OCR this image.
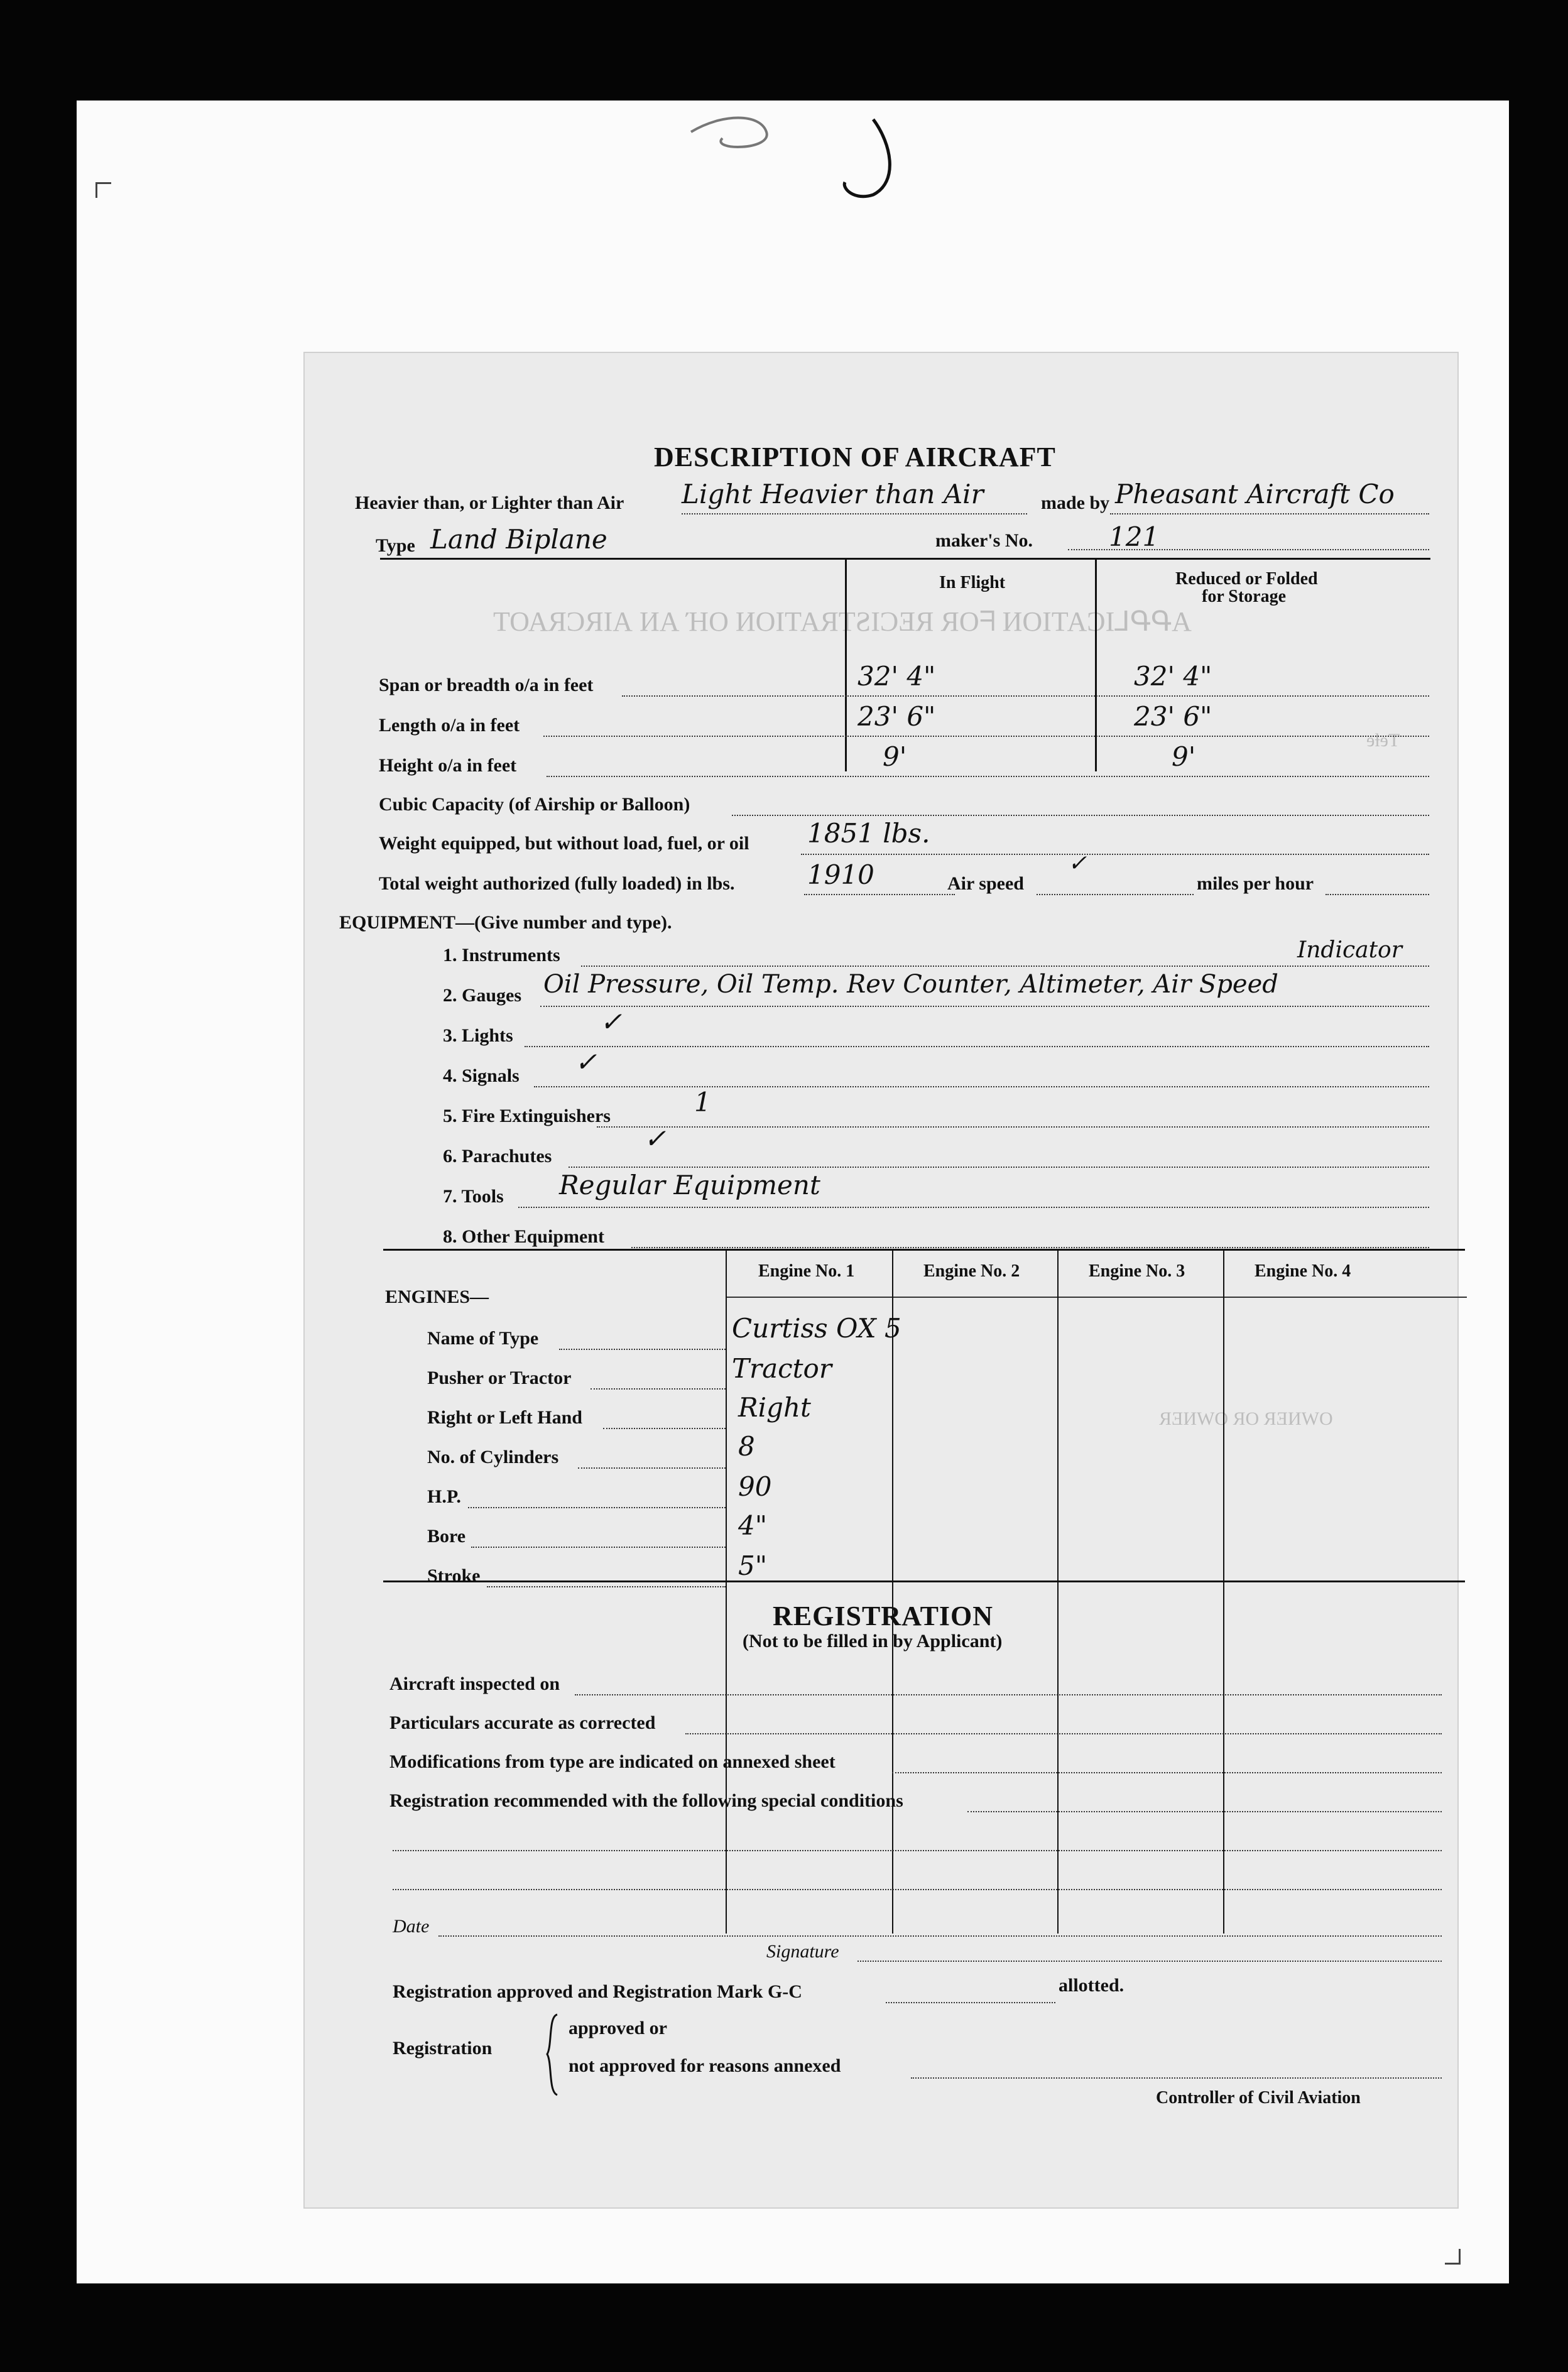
ΤΟΑЯϽЯΙА ИА ΉО ИОΙТАЯТƧΙϽƎЯ ЯОᖷ ИОΙТАϽΙ⅃ԳԳА
ɘƚɘT
ЯƎИWO ЯO ЯƎИWO
DESCRIPTION OF AIRCRAFT
Heavier than, or Lighter than Air Light Heavier than Air	made by Pheasant Aircraft Co
Type Land Biplane	maker's No.	121
In Flight	Reduced or Folded
for Storage
Span or breadth o/a in feet	32' 4"	32' 4"
Length o/a in feet	23' 6"	23' 6"
Height o/a in feet	9'	9'
Cubic Capacity (of Airship or Balloon)
Weight equipped, but without load, fuel, or oil 1851 lbs.
Total weight authorized (fully loaded) in lbs.	1910	Air speed
✓
miles per hour
EQUIPMENT—(Give number and type).
1. Instruments	Indicator
2. Gauges Oil Pressure, Oil Temp. Rev Counter, Altimeter, Air Speed
3. Lights	✓
4. Signals ✓
5. Fire Extinguishers	1
6. Parachutes
✓
7. Tools Regular Equipment
8. Other Equipment
Engine No. 1	Engine No. 2	Engine No. 3	Engine No. 4
ENGINES—
Name of Type	Curtiss OX 5
Pusher or Tractor	Tractor
Right or Left Hand	Right
No. of Cylinders	8
H.P.	90
Bore	4"
Stroke	5"
REGISTRATION
(Not to be filled in by Applicant)
Aircraft inspected on
Particulars accurate as corrected
Modifications from type are indicated on annexed sheet
Registration recommended with the following special conditions
Date
Signature
Registration approved and Registration Mark G-C	allotted.
Registration
approved or
not approved for reasons annexed
Controller of Civil Aviation
